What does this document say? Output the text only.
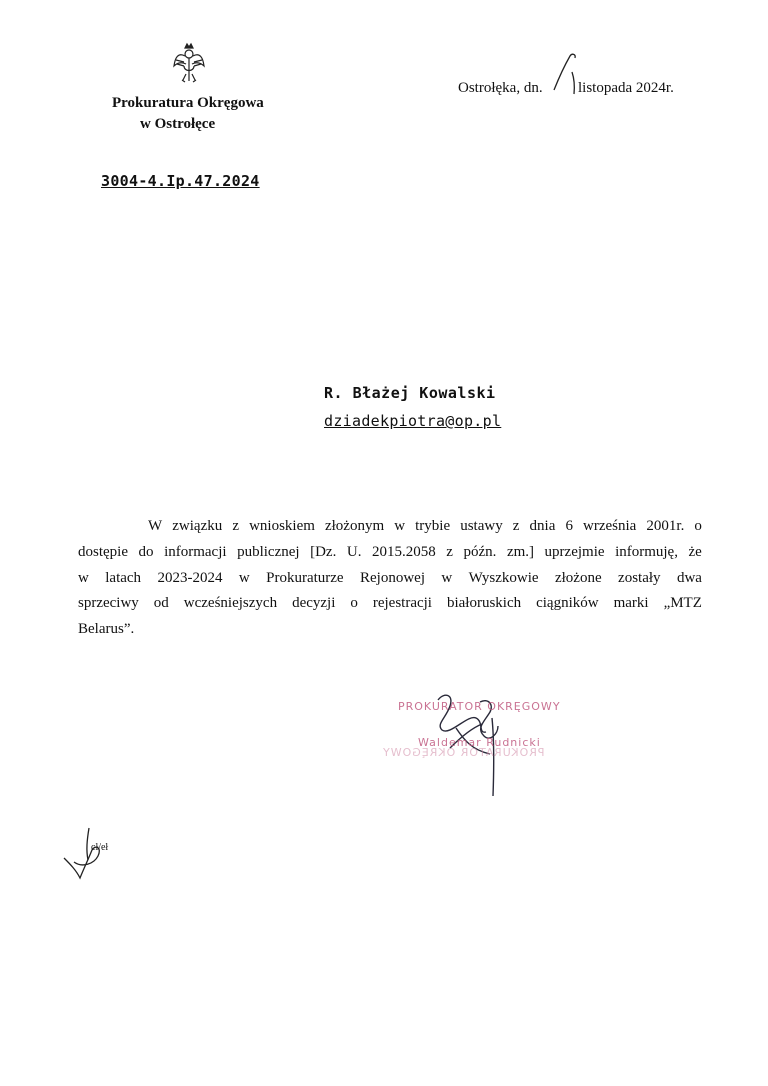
Prokuratura Okręgowa
w Ostrołęce
Ostrołęka, dn. listopada 2024r.
3004-4.Ip.47.2024
R. Błażej Kowalski
dziadekpiotra@op.pl
W związku z wnioskiem złożonym w trybie ustawy z dnia 6 września 2001r. o
dostępie do informacji publicznej [Dz. U. 2015.2058 z późn. zm.] uprzejmie informuję, że
w latach 2023-2024 w Prokuraturze Rejonowej w Wyszkowie złożone zostały dwa
sprzeciwy od wcześniejszych decyzji o rejestracji białoruskich ciągników marki „MTZ
Belarus”.
PROKURATOR OKRĘGOWY
Waldemar Rudnicki
PROKURATOR OKRĘGOWY
cł/eł
